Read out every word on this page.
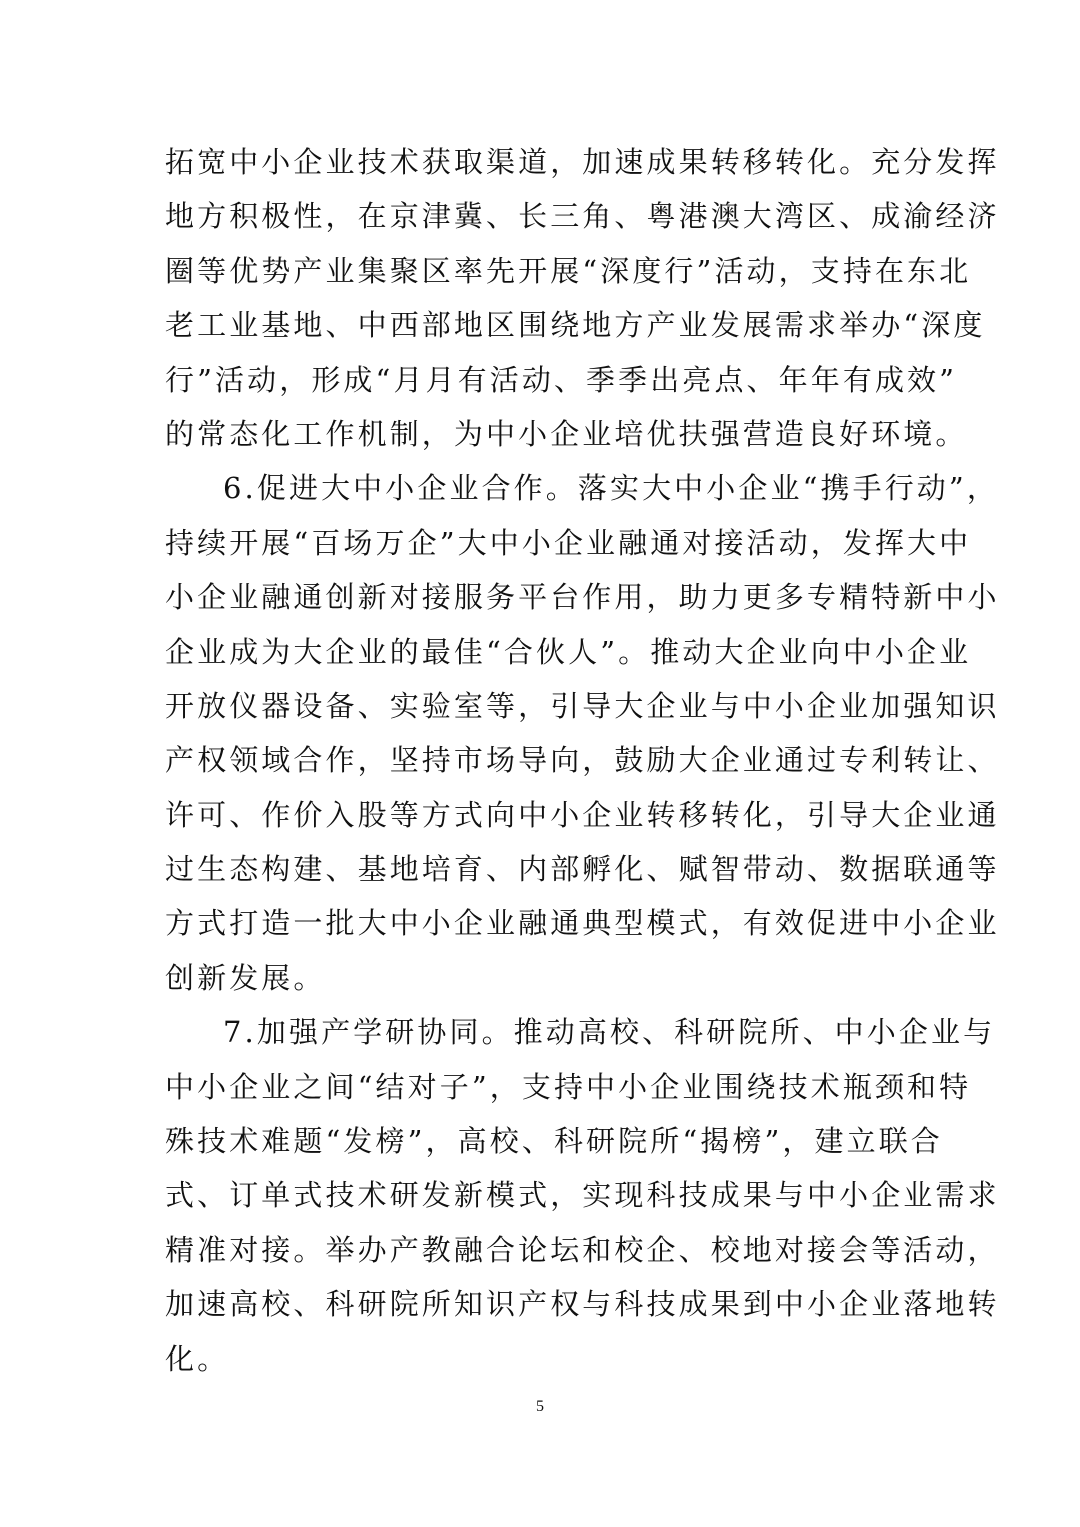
拓宽中小企业技术获取渠道，加速成果转移转化。充分发挥
地方积极性，在京津冀、长三角、粤港澳大湾区、成渝经济
圈等优势产业集聚区率先开展“深度行”活动，支持在东北
老工业基地、中西部地区围绕地方产业发展需求举办“深度
行”活动，形成“月月有活动、季季出亮点、年年有成效”
的常态化工作机制，为中小企业培优扶强营造良好环境。
6.促进大中小企业合作。落实大中小企业“携手行动”，
持续开展“百场万企”大中小企业融通对接活动，发挥大中
小企业融通创新对接服务平台作用，助力更多专精特新中小
企业成为大企业的最佳“合伙人”。推动大企业向中小企业
开放仪器设备、实验室等，引导大企业与中小企业加强知识
产权领域合作，坚持市场导向，鼓励大企业通过专利转让、
许可、作价入股等方式向中小企业转移转化，引导大企业通
过生态构建、基地培育、内部孵化、赋智带动、数据联通等
方式打造一批大中小企业融通典型模式，有效促进中小企业
创新发展。
7.加强产学研协同。推动高校、科研院所、中小企业与
中小企业之间“结对子”，支持中小企业围绕技术瓶颈和特
殊技术难题“发榜”，高校、科研院所“揭榜”，建立联合
式、订单式技术研发新模式，实现科技成果与中小企业需求
精准对接。举办产教融合论坛和校企、校地对接会等活动，
加速高校、科研院所知识产权与科技成果到中小企业落地转
化。
5
